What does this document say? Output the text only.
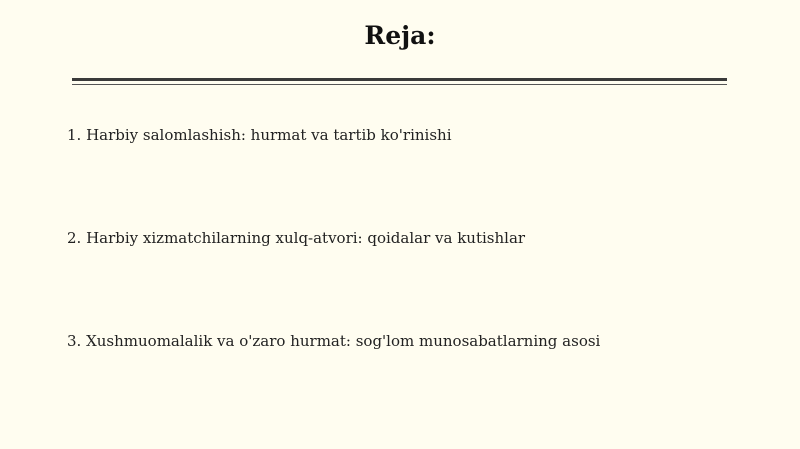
Reja:
1. Harbiy salomlashish: hurmat va tartib ko'rinishi
2. Harbiy xizmatchilarning xulq-atvori: qoidalar va kutishlar
3. Xushmuomalalik va o'zaro hurmat: sog'lom munosabatlarning asosi
